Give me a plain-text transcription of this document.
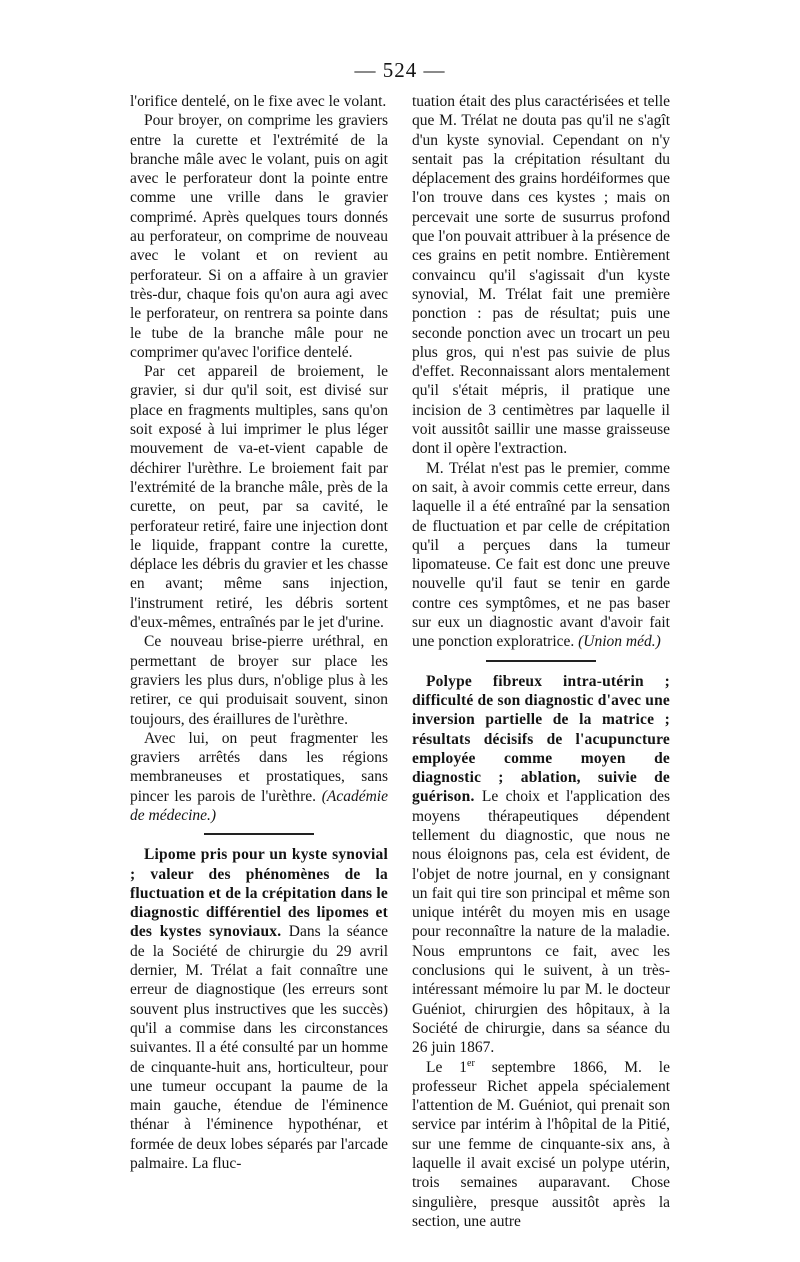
— 524 —

l'orifice dentelé, on le fixe avec le volant.

Pour broyer, on comprime les graviers entre la curette et l'extrémité de la branche mâle avec le volant, puis on agit avec le perforateur dont la pointe entre comme une vrille dans le gravier comprimé. Après quelques tours donnés au perforateur, on comprime de nouveau avec le volant et on revient au perforateur. Si on a affaire à un gravier très-dur, chaque fois qu'on aura agi avec le perforateur, on rentrera sa pointe dans le tube de la branche mâle pour ne comprimer qu'avec l'orifice dentelé.

Par cet appareil de broiement, le gravier, si dur qu'il soit, est divisé sur place en fragments multiples, sans qu'on soit exposé à lui imprimer le plus léger mouvement de va-et-vient capable de déchirer l'urèthre. Le broiement fait par l'extrémité de la branche mâle, près de la curette, on peut, par sa cavité, le perforateur retiré, faire une injection dont le liquide, frappant contre la curette, déplace les débris du gravier et les chasse en avant; même sans injection, l'instrument retiré, les débris sortent d'eux-mêmes, entraînés par le jet d'urine.

Ce nouveau brise-pierre uréthral, en permettant de broyer sur place les graviers les plus durs, n'oblige plus à les retirer, ce qui produisait souvent, sinon toujours, des éraillures de l'urèthre.

Avec lui, on peut fragmenter les graviers arrêtés dans les régions membraneuses et prostatiques, sans pincer les parois de l'urèthre. (Académie de médecine.)

Lipome pris pour un kyste synovial ; valeur des phénomènes de la fluctuation et de la crépitation dans le diagnostic différentiel des lipomes et des kystes synoviaux. Dans la séance de la Société de chirurgie du 29 avril dernier, M. Trélat a fait connaître une erreur de diagnostique (les erreurs sont souvent plus instructives que les succès) qu'il a commise dans les circonstances suivantes. Il a été consulté par un homme de cinquante-huit ans, horticulteur, pour une tumeur occupant la paume de la main gauche, étendue de l'éminence thénar à l'éminence hypothénar, et formée de deux lobes séparés par l'arcade palmaire. La fluc-

tuation était des plus caractérisées et telle que M. Trélat ne douta pas qu'il ne s'agît d'un kyste synovial. Cependant on n'y sentait pas la crépitation résultant du déplacement des grains hordéiformes que l'on trouve dans ces kystes ; mais on percevait une sorte de susurrus profond que l'on pouvait attribuer à la présence de ces grains en petit nombre. Entièrement convaincu qu'il s'agissait d'un kyste synovial, M. Trélat fait une première ponction : pas de résultat; puis une seconde ponction avec un trocart un peu plus gros, qui n'est pas suivie de plus d'effet. Reconnaissant alors mentalement qu'il s'était mépris, il pratique une incision de 3 centimètres par laquelle il voit aussitôt saillir une masse graisseuse dont il opère l'extraction.

M. Trélat n'est pas le premier, comme on sait, à avoir commis cette erreur, dans laquelle il a été entraîné par la sensation de fluctuation et par celle de crépitation qu'il a perçues dans la tumeur lipomateuse. Ce fait est donc une preuve nouvelle qu'il faut se tenir en garde contre ces symptômes, et ne pas baser sur eux un diagnostic avant d'avoir fait une ponction exploratrice. (Union méd.)

Polype fibreux intra-utérin ; difficulté de son diagnostic d'avec une inversion partielle de la matrice ; résultats décisifs de l'acupuncture employée comme moyen de diagnostic ; ablation, suivie de guérison. Le choix et l'application des moyens thérapeutiques dépendent tellement du diagnostic, que nous ne nous éloignons pas, cela est évident, de l'objet de notre journal, en y consignant un fait qui tire son principal et même son unique intérêt du moyen mis en usage pour reconnaître la nature de la maladie. Nous empruntons ce fait, avec les conclusions qui le suivent, à un très-intéressant mémoire lu par M. le docteur Guéniot, chirurgien des hôpitaux, à la Société de chirurgie, dans sa séance du 26 juin 1867.

Le 1er septembre 1866, M. le professeur Richet appela spécialement l'attention de M. Guéniot, qui prenait son service par intérim à l'hôpital de la Pitié, sur une femme de cinquante-six ans, à laquelle il avait excisé un polype utérin, trois semaines auparavant. Chose singulière, presque aussitôt après la section, une autre
